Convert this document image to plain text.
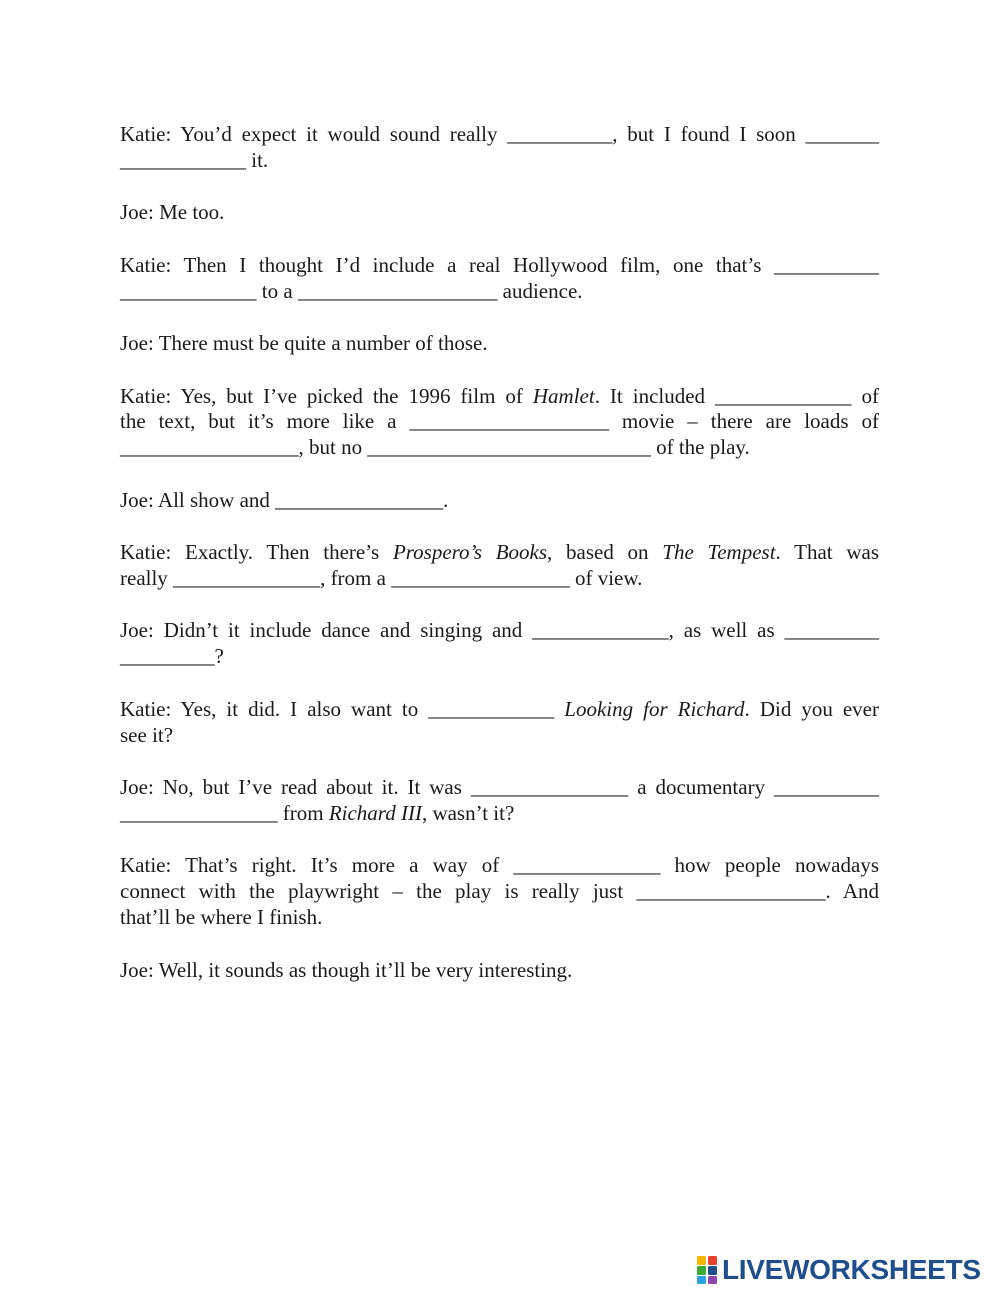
Katie: You’d expect it would sound really __________, but I found I soon _______
____________ it.
Joe: Me too.
Katie: Then I thought I’d include a real Hollywood film, one that’s __________
_____________ to a ___________________ audience.
Joe: There must be quite a number of those.
Katie: Yes, but I’ve picked the 1996 film of Hamlet. It included _____________ of
the text, but it’s more like a ___________________ movie – there are loads of
_________________, but no ___________________________ of the play.
Joe: All show and ________________.
Katie: Exactly. Then there’s Prospero’s Books, based on The Tempest. That was
really ______________, from a _________________ of view.
Joe: Didn’t it include dance and singing and _____________, as well as _________
_________?
Katie: Yes, it did. I also want to ____________ Looking for Richard. Did you ever
see it?
Joe: No, but I’ve read about it. It was _______________ a documentary __________
_______________ from Richard III, wasn’t it?
Katie: That’s right. It’s more a way of ______________ how people nowadays
connect with the playwright – the play is really just __________________. And
that’ll be where I finish.
Joe: Well, it sounds as though it’ll be very interesting.
LIVEWORKSHEETS
